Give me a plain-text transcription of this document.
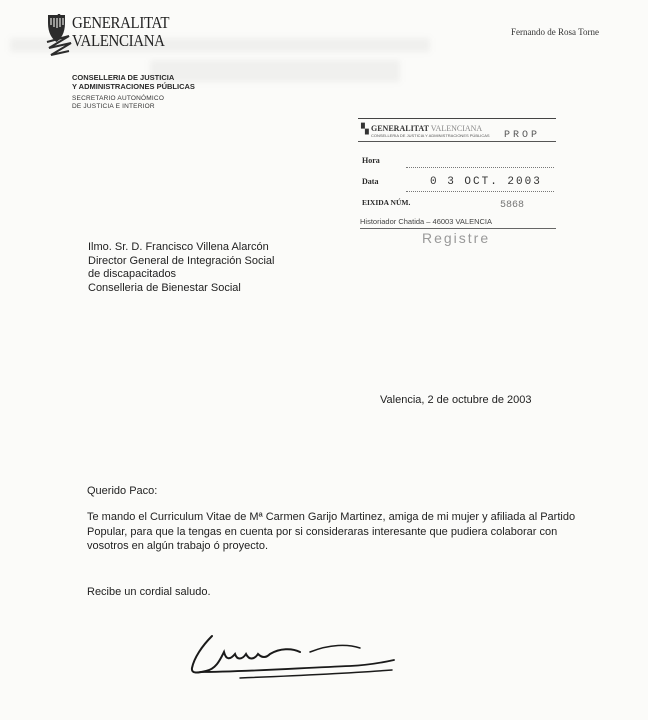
GENERALITAT
VALENCIANA
CONSELLERIA DE JUSTICIA
Y ADMINISTRACIONES PÚBLICAS
SECRETARIO AUTONÓMICO
DE JUSTICIA E INTERIOR
Fernando de Rosa Torne
▚ GENERALITAT VALENCIANA
CONSELLERIA DE JUSTICIA Y ADMINISTRACIONES PÚBLICAS PROP
Hora
Data	0 3 OCT. 2003
EIXIDA NÚM.	5868
Historiador Chatida – 46003 VALENCIA
Registre
Ilmo. Sr. D. Francisco Villena Alarcón
Director General de Integración Social
de discapacitados
Conselleria de Bienestar Social
Valencia, 2 de octubre de 2003
Querido Paco:
Te mando el Curriculum Vitae de Mª Carmen Garijo Martinez, amiga de mi mujer y afiliada al Partido Popular, para que la tengas en cuenta por si consideraras interesante que pudiera colaborar con vosotros en algún trabajo ó proyecto.
Recibe un cordial saludo.
